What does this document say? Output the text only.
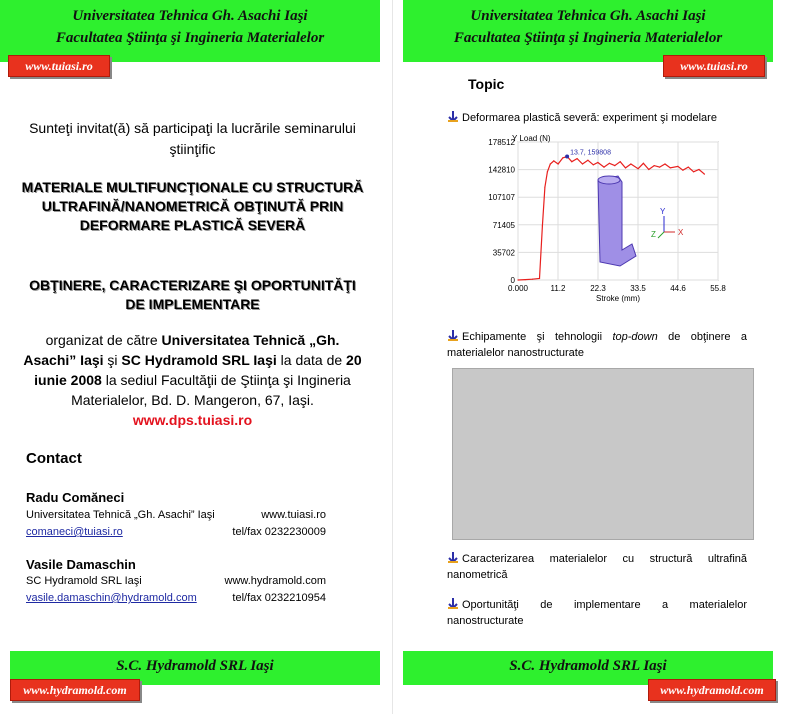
Universitatea Tehnica Gh. Asachi Iaşi
Facultatea Ştiinţa şi Ingineria Materialelor
www.tuiasi.ro
Universitatea Tehnica Gh. Asachi Iaşi
Facultatea Ştiinţa şi Ingineria Materialelor
www.tuiasi.ro
Sunteţi invitat(ă) să participaţi la lucrările seminarului ştiinţific
MATERIALE MULTIFUNCŢIONALE CU STRUCTURĂ ULTRAFINĂ/NANOMETRICĂ OBŢINUTĂ PRIN DEFORMARE PLASTICĂ SEVERĂ
OBŢINERE, CARACTERIZARE ŞI OPORTUNITĂŢI DE IMPLEMENTARE
organizat de către Universitatea Tehnică „Gh. Asachi” Iaşi şi SC Hydramold SRL Iaşi la data de 20 iunie 2008 la sediul Facultăţii de Ştiinţa şi Ingineria Materialelor, Bd. D. Mangeron, 67, Iaşi.
www.dps.tuiasi.ro
Contact
Radu Comăneci
Universitatea Tehnică „Gh. Asachi” Iaşi	www.tuiasi.ro
comaneci@tuiasi.ro	tel/fax 0232230009
Vasile Damaschin
SC Hydramold SRL Iaşi	www.hydramold.com
vasile.damaschin@hydramold.com	tel/fax 0232210954
Topic
Deformarea plastică severă: experiment şi modelare
0.000	11.2	22.3	33.5	44.6	55.8
0
35702
71405
107107
142810
178512
Y Load (N)
Stroke (mm)
Y
Z	X
13.7, 159808
Echipamente şi tehnologii top-down de obţinere a materialelor nanostructurate
Caracterizarea materialelor cu structură ultrafină nanometrică
Oportunităţi de implementare a materialelor nanostructurate
S.C. Hydramold SRL Iaşi
www.hydramold.com
S.C. Hydramold SRL Iaşi
www.hydramold.com
